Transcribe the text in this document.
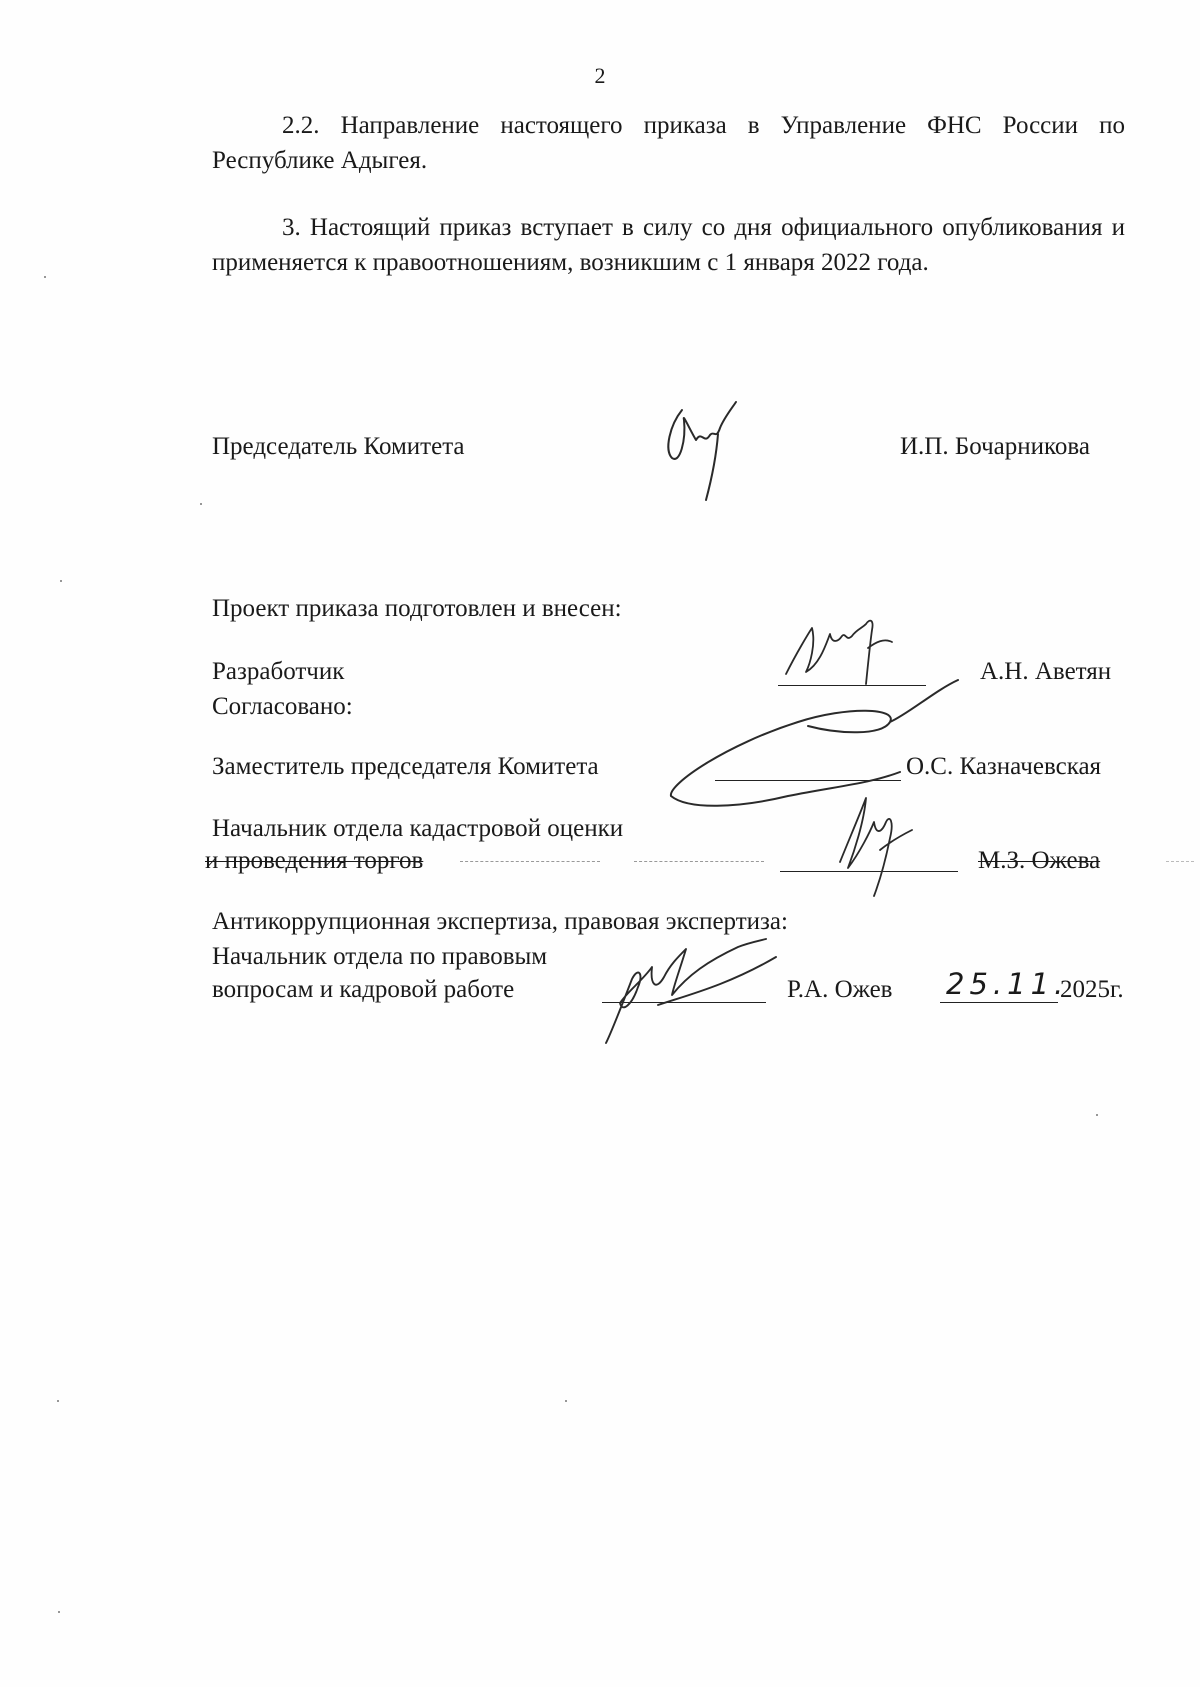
2

2.2. Направление настоящего приказа в Управление ФНС России по Республике Адыгея.

3. Настоящий приказ вступает в силу со дня официального опубликования и применяется к правоотношениям, возникшим с 1 января 2022 года.

Председатель Комитета	И.П. Бочарникова
Проект приказа подготовлен и внесен:
Разработчик	А.Н. Аветян
Согласовано:
Заместитель председателя Комитета	О.С. Казначевская
Начальник отдела кадастровой оценки
и проведения торгов	М.З. Ожева
Антикоррупционная экспертиза, правовая экспертиза:
Начальник отдела по правовым
вопросам и кадровой работе	Р.А. Ожев 25.11.
2025г.
